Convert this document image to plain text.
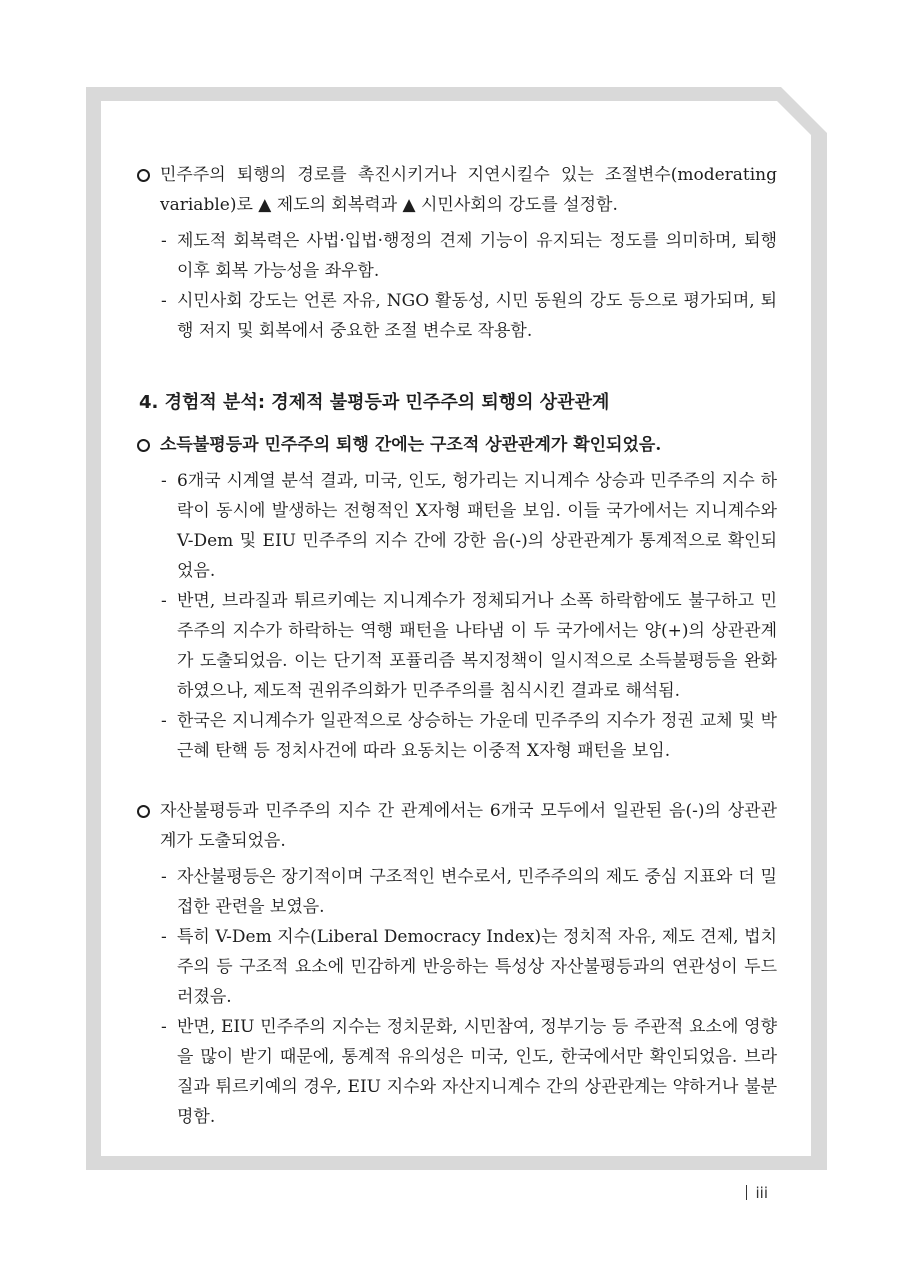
민주주의 퇴행의 경로를 촉진시키거나 지연시킬수 있는 조절변수(moderating variable)로 ▲ 제도의 회복력과 ▲ 시민사회의 강도를 설정함.

- 제도적 회복력은 사법·입법·행정의 견제 기능이 유지되는 정도를 의미하며, 퇴행 이후 회복 가능성을 좌우함.

- 시민사회 강도는 언론 자유, NGO 활동성, 시민 동원의 강도 등으로 평가되며, 퇴행 저지 및 회복에서 중요한 조절 변수로 작용함.

4. 경험적 분석: 경제적 불평등과 민주주의 퇴행의 상관관계

소득불평등과 민주주의 퇴행 간에는 구조적 상관관계가 확인되었음.

- 6개국 시계열 분석 결과, 미국, 인도, 헝가리는 지니계수 상승과 민주주의 지수 하락이 동시에 발생하는 전형적인 X자형 패턴을 보임. 이들 국가에서는 지니계수와 V-Dem 및 EIU 민주주의 지수 간에 강한 음(-)의 상관관계가 통계적으로 확인되었음.

- 반면, 브라질과 튀르키예는 지니계수가 정체되거나 소폭 하락함에도 불구하고 민주주의 지수가 하락하는 역행 패턴을 나타냄 이 두 국가에서는 양(+)의 상관관계가 도출되었음. 이는 단기적 포퓰리즘 복지정책이 일시적으로 소득불평등을 완화하였으나, 제도적 권위주의화가 민주주의를 침식시킨 결과로 해석됨.

- 한국은 지니계수가 일관적으로 상승하는 가운데 민주주의 지수가 정권 교체 및 박근혜 탄핵 등 정치사건에 따라 요동치는 이중적 X자형 패턴을 보임.

자산불평등과 민주주의 지수 간 관계에서는 6개국 모두에서 일관된 음(-)의 상관관계가 도출되었음.

- 자산불평등은 장기적이며 구조적인 변수로서, 민주주의의 제도 중심 지표와 더 밀접한 관련을 보였음.

- 특히 V-Dem 지수(Liberal Democracy Index)는 정치적 자유, 제도 견제, 법치주의 등 구조적 요소에 민감하게 반응하는 특성상 자산불평등과의 연관성이 두드러졌음.

- 반면, EIU 민주주의 지수는 정치문화, 시민참여, 정부기능 등 주관적 요소에 영향을 많이 받기 때문에, 통계적 유의성은 미국, 인도, 한국에서만 확인되었음. 브라질과 튀르키예의 경우, EIU 지수와 자산지니계수 간의 상관관계는 약하거나 불분명함.

iii
